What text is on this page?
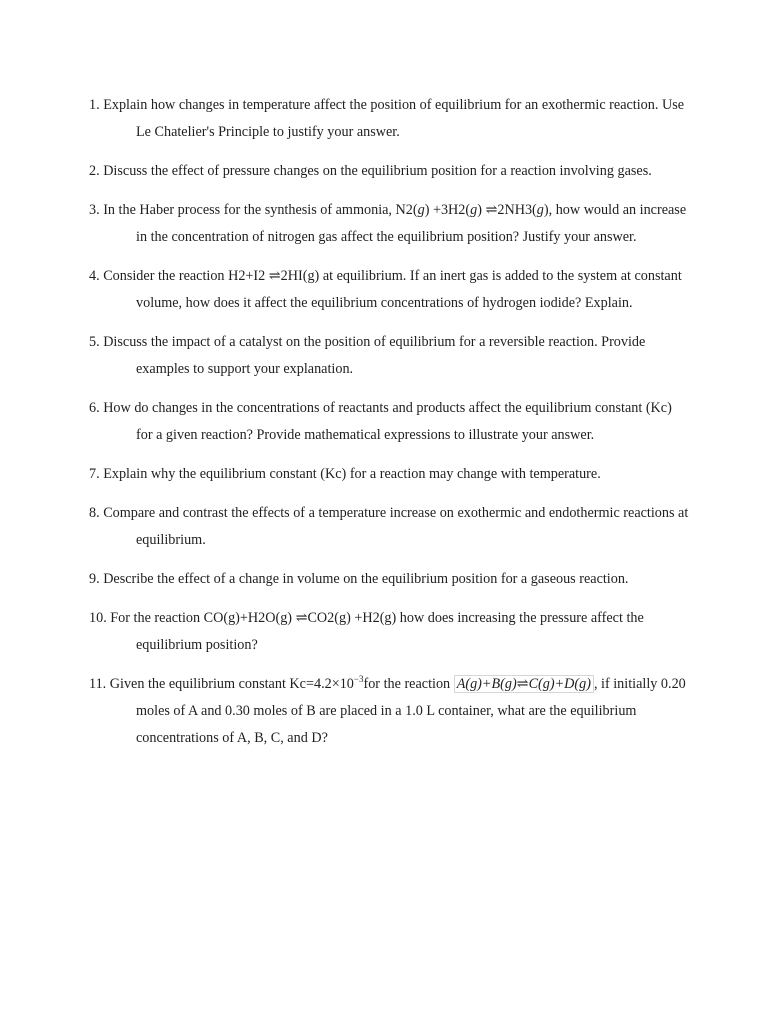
1. Explain how changes in temperature affect the position of equilibrium for an exothermic reaction. Use Le Chatelier's Principle to justify your answer.
2. Discuss the effect of pressure changes on the equilibrium position for a reaction involving gases.
3. In the Haber process for the synthesis of ammonia, N2(g) +3H2(g) ⇌2NH3(g), how would an increase in the concentration of nitrogen gas affect the equilibrium position? Justify your answer.
4. Consider the reaction H2+I2 ⇌2HI(g) at equilibrium. If an inert gas is added to the system at constant volume, how does it affect the equilibrium concentrations of hydrogen iodide? Explain.
5. Discuss the impact of a catalyst on the position of equilibrium for a reversible reaction. Provide examples to support your explanation.
6. How do changes in the concentrations of reactants and products affect the equilibrium constant (Kc) for a given reaction? Provide mathematical expressions to illustrate your answer.
7. Explain why the equilibrium constant (Kc) for a reaction may change with temperature.
8. Compare and contrast the effects of a temperature increase on exothermic and endothermic reactions at equilibrium.
9. Describe the effect of a change in volume on the equilibrium position for a gaseous reaction.
10. For the reaction CO(g)+H2O(g) ⇌CO2(g) +H2(g) how does increasing the pressure affect the equilibrium position?
11. Given the equilibrium constant $Kc=4.2\times 10^{-3}for$ the reaction A(g)+B(g)⇌C(g)+D(g) , if initially 0.20 moles of A and 0.30 moles of B are placed in a 1.0 L container, what are the equilibrium concentrations of A, B, C, and D?
